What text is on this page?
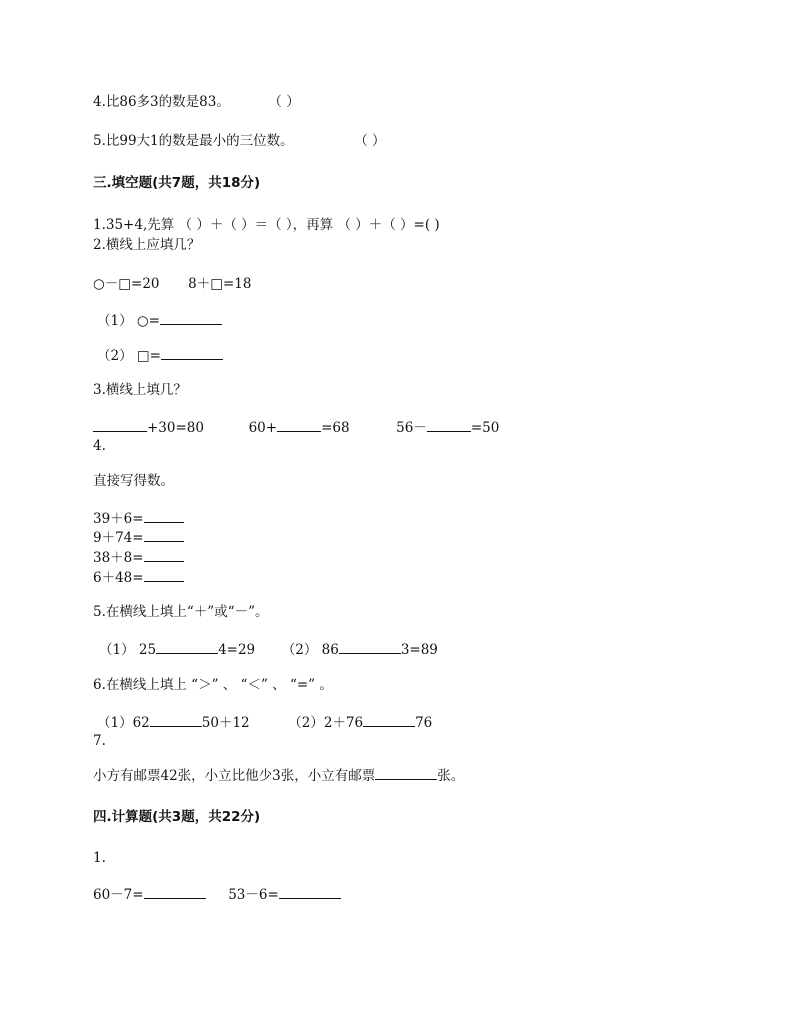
4.比86多3的数是83。	（ ）
5.比99大1的数是最小的三位数。	（ ）
三.填空题(共7题，共18分)
1.35+4,先算 （ ）＋（ ）＝（ ），再算 （ ）＋（ ）=( )
2.横线上应填几？
○－□=20 8＋□=18
（1） ○=
（2） □=
3.横线上填几？
+30=80	60+	=68	56－	=50
4.
直接写得数。
39＋6=
9＋74=
38＋8=
6＋48=
5.在横线上填上“＋”或“－”。
（1） 25	4=29 （2） 86	3=89
6.在横线上填上 “＞” 、 “＜” 、 “=” 。
（1）62	50＋12	（2）2＋76	76
7.
小方有邮票42张，小立比他少3张，小立有邮票	张。
四.计算题(共3题，共22分)
1.
60－7=	53－6=
